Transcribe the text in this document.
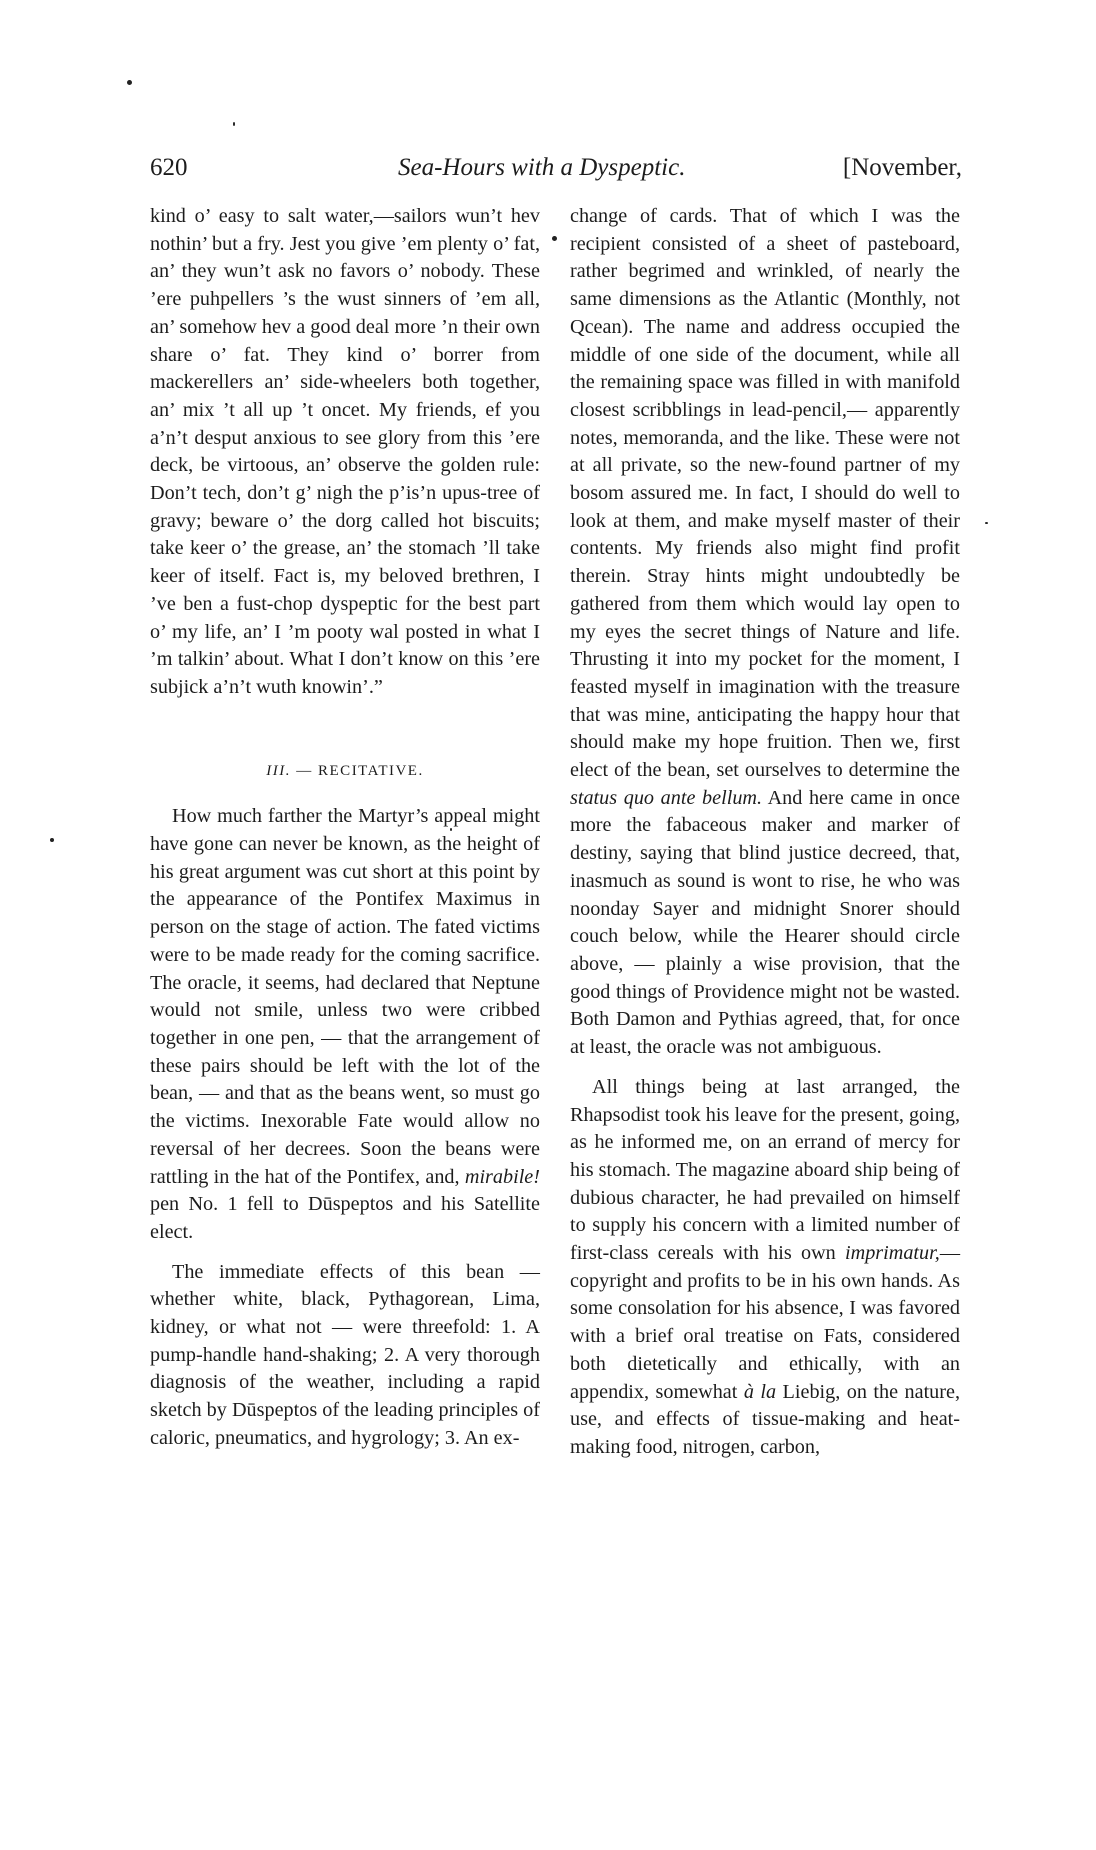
620	Sea-Hours with a Dyspeptic.	[November,

kind o’ easy to salt water,—sailors wun’t hev nothin’ but a fry. Jest you give ’em plenty o’ fat, an’ they wun’t ask no favors o’ nobody. These ’ere puhpellers ’s the wust sinners of ’em all, an’ somehow hev a good deal more ’n their own share o’ fat. They kind o’ borrer from mackerellers an’ side-wheelers both together, an’ mix ’t all up ’t oncet. My friends, ef you a’n’t desput anxious to see glory from this ’ere deck, be virtoous, an’ observe the golden rule: Don’t tech, don’t g’ nigh the p’is’n upus-tree of gravy; beware o’ the dorg called hot biscuits; take keer o’ the grease, an’ the stomach ’ll take keer of itself. Fact is, my beloved brethren, I ’ve ben a fust-chop dyspeptic for the best part o’ my life, an’ I ’m pooty wal posted in what I ’m talkin’ about. What I don’t know on this ’ere subjick a’n’t wuth knowin’.”

III. — RECITATIVE.

How much farther the Martyr’s appeal might have gone can never be known, as the height of his great argument was cut short at this point by the appearance of the Pontifex Maximus in person on the stage of action. The fated victims were to be made ready for the coming sacrifice. The oracle, it seems, had declared that Neptune would not smile, unless two were cribbed together in one pen, — that the arrangement of these pairs should be left with the lot of the bean, — and that as the beans went, so must go the victims. Inexorable Fate would allow no reversal of her decrees. Soon the beans were rattling in the hat of the Pontifex, and, mirabile! pen No. 1 fell to Dūspeptos and his Satellite elect.

The immediate effects of this bean — whether white, black, Pythagorean, Lima, kidney, or what not — were threefold: 1. A pump-handle hand-shaking; 2. A very thorough diagnosis of the weather, including a rapid sketch by Dūspeptos of the leading principles of caloric, pneumatics, and hygrology; 3. An ex-

change of cards. That of which I was the recipient consisted of a sheet of pasteboard, rather begrimed and wrinkled, of nearly the same dimensions as the Atlantic (Monthly, not Qcean). The name and address occupied the middle of one side of the document, while all the remaining space was filled in with manifold closest scribblings in lead-pencil,— apparently notes, memoranda, and the like. These were not at all private, so the new-found partner of my bosom assured me. In fact, I should do well to look at them, and make myself master of their contents. My friends also might find profit therein. Stray hints might undoubtedly be gathered from them which would lay open to my eyes the secret things of Nature and life. Thrusting it into my pocket for the moment, I feasted myself in imagination with the treasure that was mine, anticipating the happy hour that should make my hope fruition. Then we, first elect of the bean, set ourselves to determine the status quo ante bellum. And here came in once more the fabaceous maker and marker of destiny, saying that blind justice decreed, that, inasmuch as sound is wont to rise, he who was noonday Sayer and midnight Snorer should couch below, while the Hearer should circle above, — plainly a wise provision, that the good things of Providence might not be wasted. Both Damon and Pythias agreed, that, for once at least, the oracle was not ambiguous.

All things being at last arranged, the Rhapsodist took his leave for the present, going, as he informed me, on an errand of mercy for his stomach. The magazine aboard ship being of dubious character, he had prevailed on himself to supply his concern with a limited number of first-class cereals with his own imprimatur,— copyright and profits to be in his own hands. As some consolation for his absence, I was favored with a brief oral treatise on Fats, considered both dietetically and ethically, with an appendix, somewhat à la Liebig, on the nature, use, and effects of tissue-making and heat-making food, nitrogen, carbon,
